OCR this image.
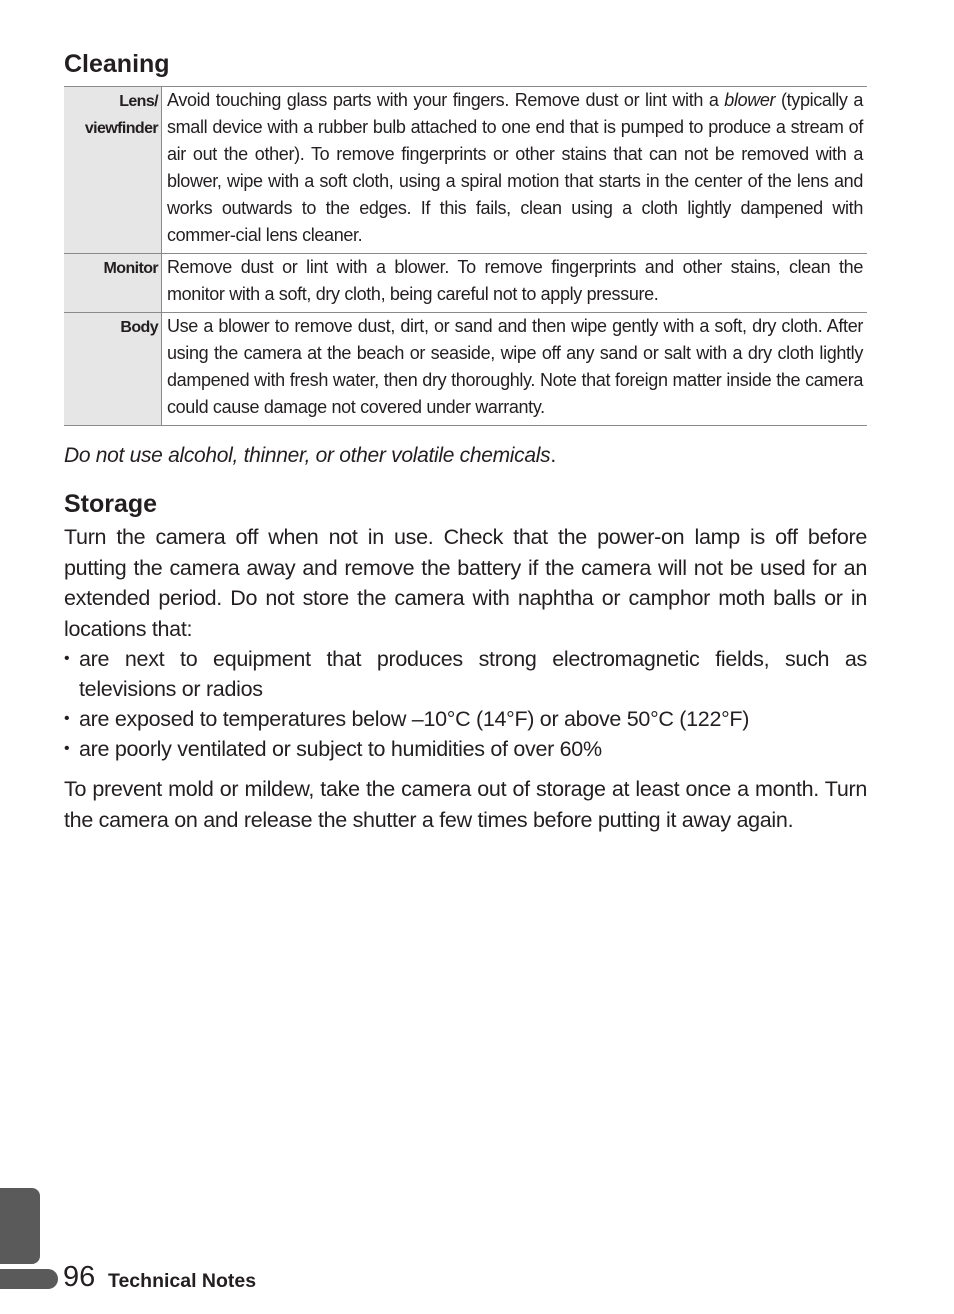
Cleaning
Lens/
viewfinder	Avoid touching glass parts with your fingers. Remove dust or lint with a blower (typically a small device with a rubber bulb attached to one end that is pumped to produce a stream of air out the other). To remove fingerprints or other stains that can not be removed with a blower, wipe with a soft cloth, using a spiral motion that starts in the center of the lens and works outwards to the edges. If this fails, clean using a cloth lightly dampened with commer-cial lens cleaner.
Monitor	Remove dust or lint with a blower. To remove fingerprints and other stains, clean the monitor with a soft, dry cloth, being careful not to apply pressure.
Body	Use a blower to remove dust, dirt, or sand and then wipe gently with a soft, dry cloth. After using the camera at the beach or seaside, wipe off any sand or salt with a dry cloth lightly dampened with fresh water, then dry thoroughly. Note that foreign matter inside the camera could cause damage not covered under warranty.

Do not use alcohol, thinner, or other volatile chemicals.

Storage

Turn the camera off when not in use. Check that the power-on lamp is off before putting the camera away and remove the battery if the camera will not be used for an extended period. Do not store the camera with naphtha or camphor moth balls or in locations that:

• are next to equipment that produces strong electromagnetic fields, such as televisions or radios
• are exposed to temperatures below –10°C (14°F) or above 50°C (122°F)
• are poorly ventilated or subject to humidities of over 60%

To prevent mold or mildew, take the camera out of storage at least once a month. Turn the camera on and release the shutter a few times before putting it away again.

96 Technical Notes
